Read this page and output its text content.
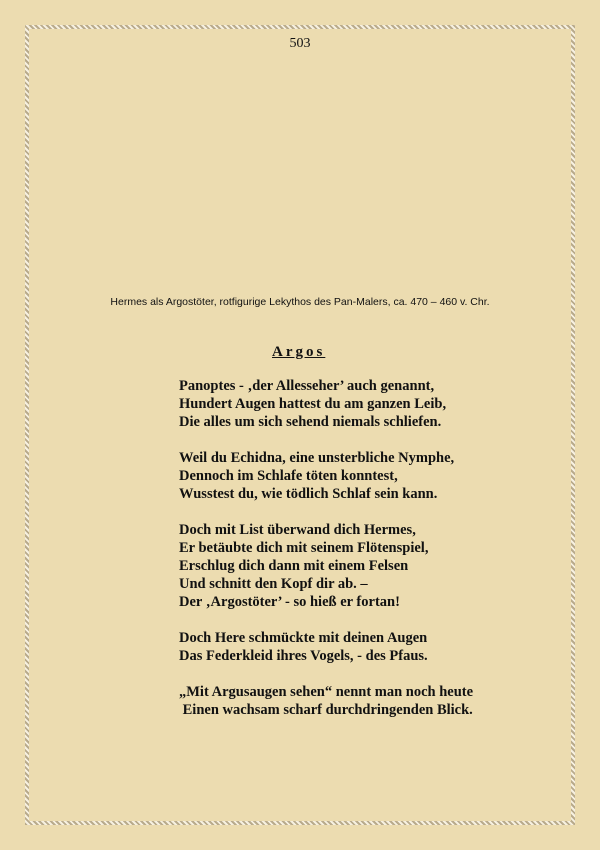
503
Hermes als Argostöter, rotfigurige Lekythos des Pan-Malers, ca. 470 – 460 v. Chr.
Argos
Panoptes - ‚der Allesseher’ auch genannt,
Hundert Augen hattest du am ganzen Leib,
Die alles um sich sehend niemals schliefen.
Weil du Echidna, eine unsterbliche Nymphe,
Dennoch im Schlafe töten konntest,
Wusstest du, wie tödlich Schlaf sein kann.
Doch mit List überwand dich Hermes,
Er betäubte dich mit seinem Flötenspiel,
Erschlug dich dann mit einem Felsen
Und schnitt den Kopf dir ab. –
Der ‚Argostöter’ - so hieß er fortan!
Doch Here schmückte mit deinen Augen
Das Federkleid ihres Vogels, - des Pfaus.
„Mit Argusaugen sehen“ nennt man noch heute
Einen wachsam scharf durchdringenden Blick.
